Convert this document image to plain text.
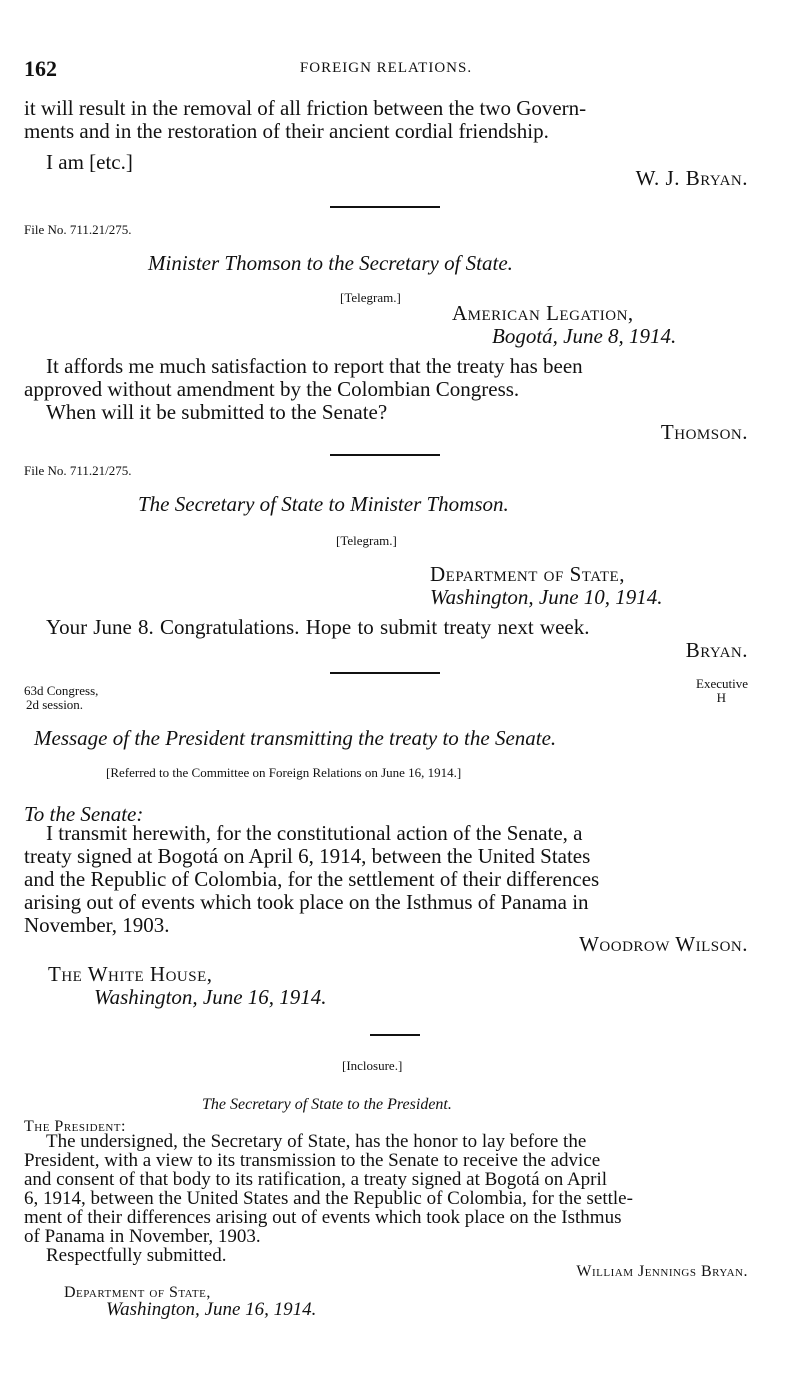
162	FOREIGN RELATIONS.
it will result in the removal of all friction between the two Govern-
ments and in the restoration of their ancient cordial friendship.
I am [etc.]
W. J. Bryan.
File No. 711.21/275.
Minister Thomson to the Secretary of State.
[Telegram.]
American Legation,
Bogotá, June 8, 1914.
It affords me much satisfaction to report that the treaty has been
approved without amendment by the Colombian Congress.
When will it be submitted to the Senate?
Thomson.
File No. 711.21/275.
The Secretary of State to Minister Thomson.
[Telegram.]
Department of State,
Washington, June 10, 1914.
Your June 8. Congratulations. Hope to submit treaty next week.
Bryan.
63d Congress,
2d session.
Executive
H
Message of the President transmitting the treaty to the Senate.
[Referred to the Committee on Foreign Relations on June 16, 1914.]
To the Senate:
I transmit herewith, for the constitutional action of the Senate, a
treaty signed at Bogotá on April 6, 1914, between the United States
and the Republic of Colombia, for the settlement of their differences
arising out of events which took place on the Isthmus of Panama in
November, 1903.
Woodrow Wilson.
The White House,
Washington, June 16, 1914.
[Inclosure.]
The Secretary of State to the President.
The President:
The undersigned, the Secretary of State, has the honor to lay before the
President, with a view to its transmission to the Senate to receive the advice
and consent of that body to its ratification, a treaty signed at Bogotá on April
6, 1914, between the United States and the Republic of Colombia, for the settle-
ment of their differences arising out of events which took place on the Isthmus
of Panama in November, 1903.
Respectfully submitted.
William Jennings Bryan.
Department of State,
Washington, June 16, 1914.
